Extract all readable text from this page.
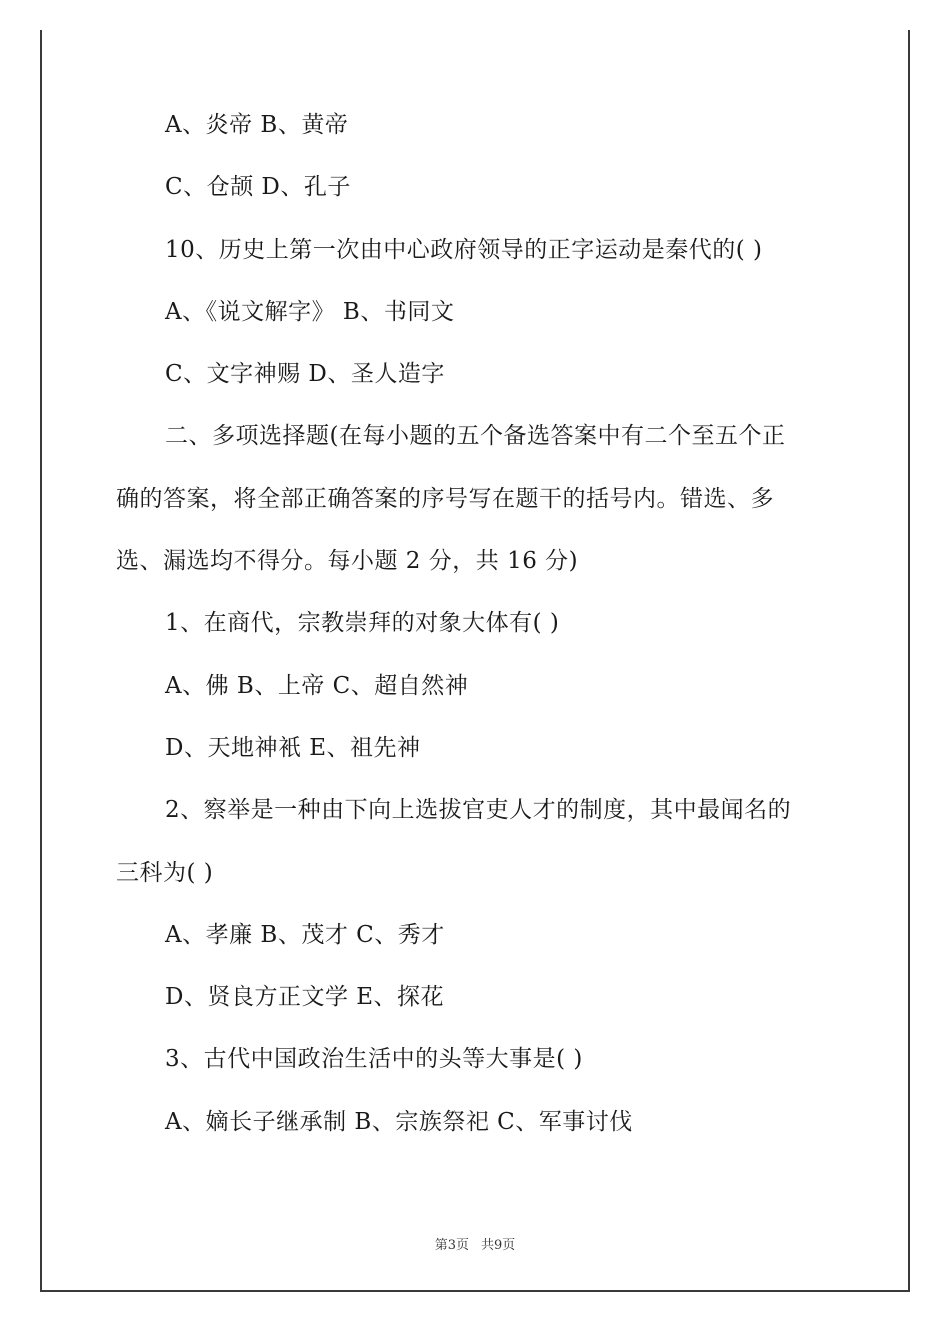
A、炎帝 B、黄帝
C、仓颉 D、孔子
10、历史上第一次由中心政府领导的正字运动是秦代的( )
A、《说文解字》 B、书同文
C、文字神赐 D、圣人造字
二、多项选择题(在每小题的五个备选答案中有二个至五个正
确的答案，将全部正确答案的序号写在题干的括号内。错选、多
选、漏选均不得分。每小题 2 分，共 16 分)
1、在商代，宗教崇拜的对象大体有( )
A、佛 B、上帝 C、超自然神
D、天地神衹 E、祖先神
2、察举是一种由下向上选拔官吏人才的制度，其中最闻名的
三科为( )
A、孝廉 B、茂才 C、秀才
D、贤良方正文学 E、探花
3、古代中国政治生活中的头等大事是( )
A、嫡长子继承制 B、宗族祭祀 C、军事讨伐
第3页 共9页
